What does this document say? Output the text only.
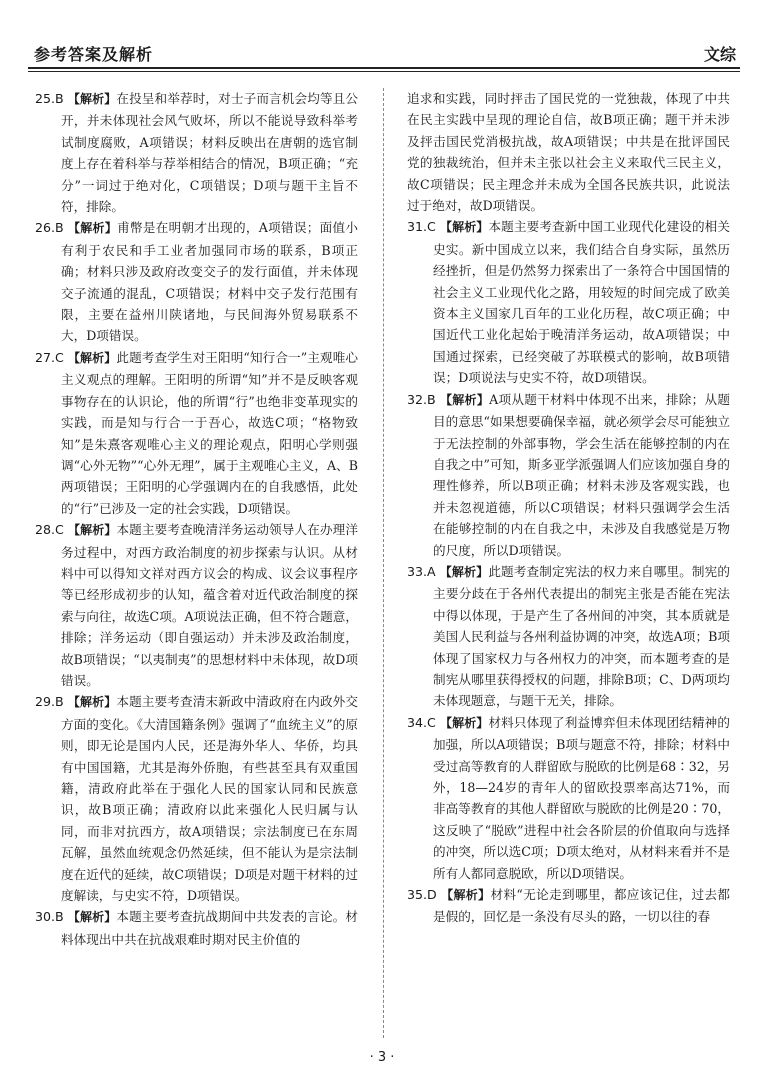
参考答案及解析	文综
25.B 【解析】在投呈和举荐时，对士子而言机会均等且公开，并未体现社会风气败坏，所以不能说导致科举考试制度腐败，A项错误；材料反映出在唐朝的选官制度上存在着科举与荐举相结合的情况，B项正确；“充分”一词过于绝对化，C项错误；D项与题干主旨不符，排除。
26.B 【解析】甫幣是在明朝才出现的，A项错误；面值小有利于农民和手工业者加强同市场的联系，B项正确；材料只涉及政府改变交子的发行面值，并未体现交子流通的混乱，C项错误；材料中交子发行范围有限，主要在益州川陕诸地，与民间海外贸易联系不大，D项错误。
27.C 【解析】此题考查学生对王阳明“知行合一”主观唯心主义观点的理解。王阳明的所谓“知”并不是反映客观事物存在的认识论，他的所谓“行”也绝非变革现实的实践，而是知与行合一于吾心，故选C项；“格物致知”是朱熹客观唯心主义的理论观点，阳明心学则强调“心外无物”“心外无理”，属于主观唯心主义，A、B两项错误；王阳明的心学强调内在的自我感悟，此处的“行”已涉及一定的社会实践，D项错误。
28.C 【解析】本题主要考查晚清洋务运动领导人在办理洋务过程中，对西方政治制度的初步探索与认识。从材料中可以得知文祥对西方议会的构成、议会议事程序等已经形成初步的认知，蕴含着对近代政治制度的探索与向往，故选C项。A项说法正确，但不符合题意，排除；洋务运动（即自强运动）并未涉及政治制度，故B项错误；“以夷制夷”的思想材料中未体现，故D项错误。
29.B 【解析】本题主要考查清末新政中清政府在内政外交方面的变化。《大清国籍条例》强调了“血统主义”的原则，即无论是国内人民，还是海外华人、华侨，均具有中国国籍，尤其是海外侨胞，有些甚至具有双重国籍，清政府此举在于强化人民的国家认同和民族意识，故B项正确；清政府以此来强化人民归属与认同，而非对抗西方，故A项错误；宗法制度已在东周瓦解，虽然血统观念仍然延续，但不能认为是宗法制度在近代的延续，故C项错误；D项是对题干材料的过度解读，与史实不符，D项错误。
30.B 【解析】本题主要考查抗战期间中共发表的言论。材料体现出中共在抗战艰难时期对民主价值的
追求和实践，同时抨击了国民党的一党独裁，体现了中共在民主实践中呈现的理论自信，故B项正确；题干并未涉及抨击国民党消极抗战，故A项错误；中共是在批评国民党的独裁统治，但并未主张以社会主义来取代三民主义，故C项错误；民主理念并未成为全国各民族共识，此说法过于绝对，故D项错误。
31.C 【解析】本题主要考查新中国工业现代化建设的相关史实。新中国成立以来，我们结合自身实际，虽然历经挫折，但是仍然努力探索出了一条符合中国国情的社会主义工业现代化之路，用较短的时间完成了欧美资本主义国家几百年的工业化历程，故C项正确；中国近代工业化起始于晚清洋务运动，故A项错误；中国通过探索，已经突破了苏联模式的影响，故B项错误；D项说法与史实不符，故D项错误。
32.B 【解析】A项从题干材料中体现不出来，排除；从题目的意思“如果想要确保幸福，就必须学会尽可能独立于无法控制的外部事物，学会生活在能够控制的内在自我之中”可知，斯多亚学派强调人们应该加强自身的理性修养，所以B项正确；材料未涉及客观实践，也并未忽视道德，所以C项错误；材料只强调学会生活在能够控制的内在自我之中，未涉及自我感觉是万物的尺度，所以D项错误。
33.A 【解析】此题考查制定宪法的权力来自哪里。制宪的主要分歧在于各州代表提出的制宪主张是否能在宪法中得以体现，于是产生了各州间的冲突，其本质就是美国人民利益与各州利益协调的冲突，故选A项；B项体现了国家权力与各州权力的冲突，而本题考查的是制宪从哪里获得授权的问题，排除B项；C、D两项均未体现题意，与题干无关，排除。
34.C 【解析】材料只体现了利益博弈但未体现团结精神的加强，所以A项错误；B项与题意不符，排除；材料中受过高等教育的人群留欧与脱欧的比例是68∶32，另外，18—24岁的青年人的留欧投票率高达71%，而非高等教育的其他人群留欧与脱欧的比例是20∶70，这反映了“脱欧”进程中社会各阶层的价值取向与选择的冲突，所以选C项；D项太绝对，从材料来看并不是所有人都同意脱欧，所以D项错误。
35.D 【解析】材料“无论走到哪里，都应该记住，过去都是假的，回忆是一条没有尽头的路，一切以往的春
· 3 ·
